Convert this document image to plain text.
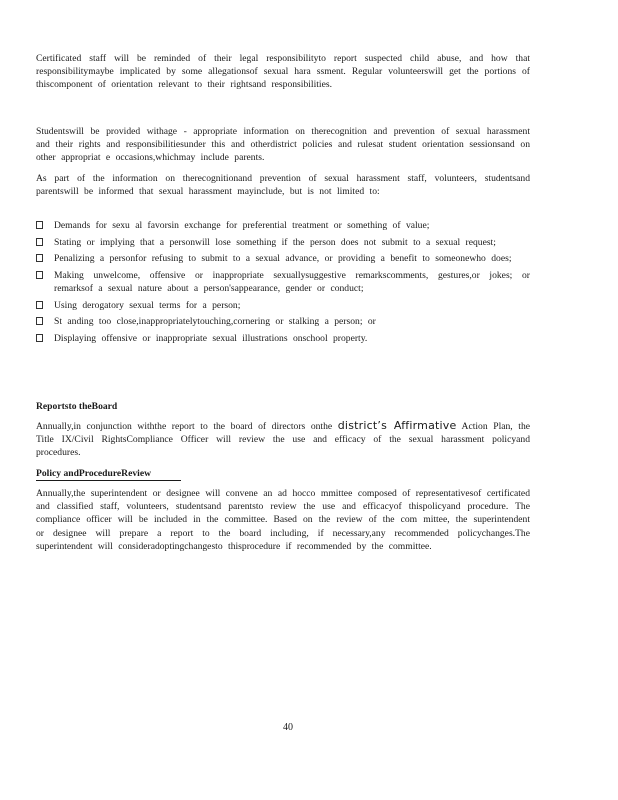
Certificated staff will be reminded of their legal responsibilityto report suspected child abuse, and how that responsibilitymaybe implicated by some allegationsof sexual hara ssment. Regular volunteerswill get the portions of thiscomponent of orientation relevant to their rightsand responsibilities.

Studentswill be provided withage - appropriate information on therecognition and prevention of sexual harassment and their rights and responsibilitiesunder this and otherdistrict policies and rulesat student orientation sessionsand on other appropriat e occasions,whichmay include parents.

As part of the information on therecognitionand prevention of sexual harassment staff, volunteers, studentsand parentswill be informed that sexual harassment mayinclude, but is not limited to:

Demands for sexu al favorsin exchange for preferential treatment or something of value;
Stating or implying that a personwill lose something if the person does not submit to a sexual request;
Penalizing a personfor refusing to submit to a sexual advance, or providing a benefit to someonewho does;
Making unwelcome, offensive or inappropriate sexuallysuggestive remarkscomments, gestures,or jokes; or remarksof a sexual nature about a person'sappearance, gender or conduct;
Using derogatory sexual terms for a person;
St anding too close,inappropriatelytouching,cornering or stalking a person; or
Displaying offensive or inappropriate sexual illustrations onschool property.
Reportsto theBoard

Annually,in conjunction withthe report to the board of directors onthe district’s Affirmative Action Plan, the Title IX/Civil RightsCompliance Officer will review the use and efficacy of the sexual harassment policyand procedures.

Policy andProcedureReview

Annually,the superintendent or designee will convene an ad hocco mmittee composed of representativesof certificated and classified staff, volunteers, studentsand parentsto review the use and efficacyof thispolicyand procedure. The compliance officer will be included in the committee. Based on the review of the com mittee, the superintendent or designee will prepare a report to the board including, if necessary,any recommended policychanges.The superintendent will consideradoptingchangesto thisprocedure if recommended by the committee.

40
